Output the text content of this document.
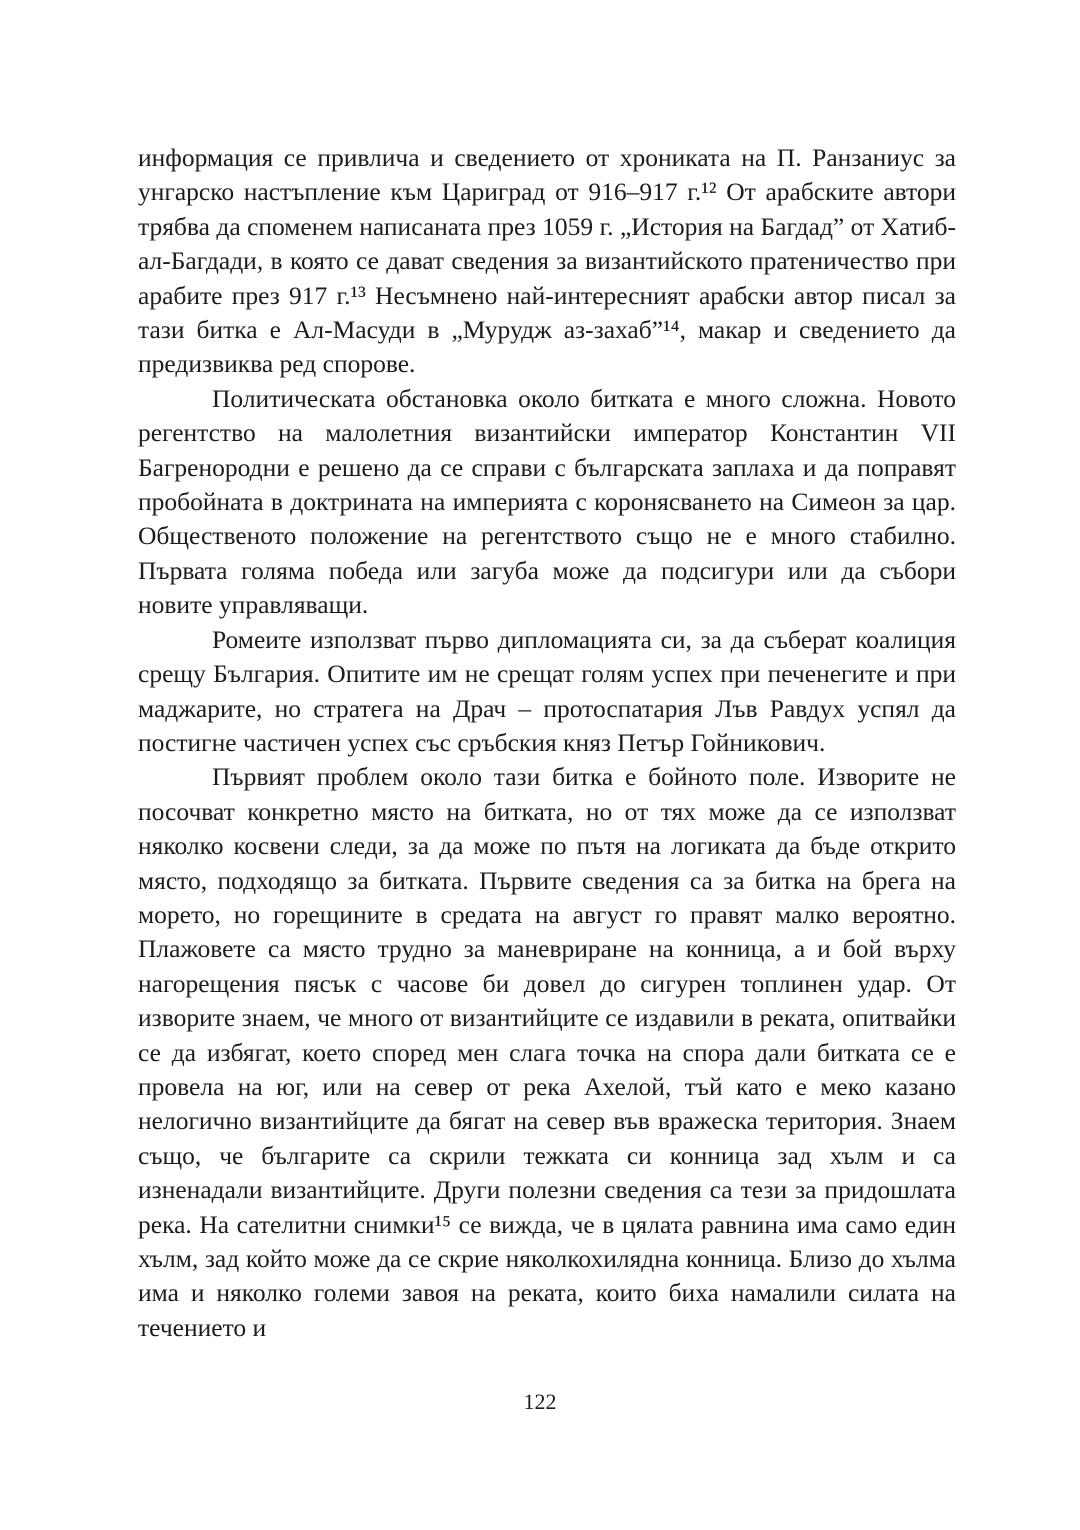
информация се привлича и сведението от хрониката на П. Ранзаниус за унгарско настъпление към Цариград от 916–917 г.¹² От арабските автори трябва да споменем написаната през 1059 г. „История на Багдад” от Хатиб-ал-Багдади, в която се дават сведения за византийското пратеничество при арабите през 917 г.¹³ Несъмнено най-интересният арабски автор писал за тази битка е Ал-Масуди в „Мурудж аз-захаб”¹⁴, макар и сведението да предизвиква ред спорове.

Политическата обстановка около битката е много сложна. Новото регентство на малолетния византийски император Константин VII Багренородни е решено да се справи с българската заплаха и да поправят пробойната в доктрината на империята с коронясването на Симеон за цар. Общественото положение на регентството също не е много стабилно. Първата голяма победа или загуба може да подсигури или да събори новите управляващи.

Ромеите използват първо дипломацията си, за да съберат коалиция срещу България. Опитите им не срещат голям успех при печенегите и при маджарите, но стратега на Драч – протоспатария Лъв Равдух успял да постигне частичен успех със сръбския княз Петър Гойникович.

Първият проблем около тази битка е бойното поле. Изворите не посочват конкретно място на битката, но от тях може да се използват няколко косвени следи, за да може по пътя на логиката да бъде открито място, подходящо за битката. Първите сведения са за битка на брега на морето, но горещините в средата на август го правят малко вероятно. Плажовете са място трудно за маневриране на конница, а и бой върху нагорещения пясък с часове би довел до сигурен топлинен удар. От изворите знаем, че много от византийците се издавили в реката, опитвайки се да избягат, което според мен слага точка на спора дали битката се е провела на юг, или на север от река Ахелой, тъй като е меко казано нелогично византийците да бягат на север във вражеска територия. Знаем също, че българите са скрили тежката си конница зад хълм и са изненадали византийците. Други полезни сведения са тези за придошлата река. На сателитни снимки¹⁵ се вижда, че в цялата равнина има само един хълм, зад който може да се скрие няколкохилядна конница. Близо до хълма има и няколко големи завоя на реката, които биха намалили силата на течението и

122
